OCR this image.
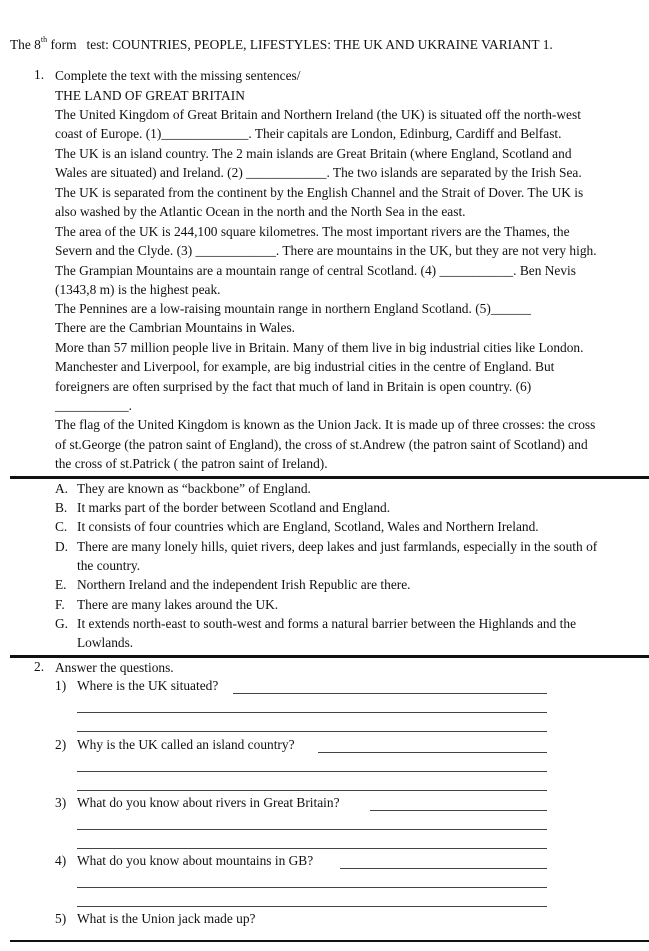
The 8th form test: COUNTRIES, PEOPLE, LIFESTYLES: THE UK AND UKRAINE VARIANT 1.
1. Complete the text with the missing sentences/
THE LAND OF GREAT BRITAIN
The United Kingdom of Great Britain and Northern Ireland (the UK) is situated off the north-west
coast of Europe. (1)_____________. Their capitals are London, Edinburg, Cardiff and Belfast.
The UK is an island country. The 2 main islands are Great Britain (where England, Scotland and
Wales are situated) and Ireland. (2) ____________. The two islands are separated by the Irish Sea.
The UK is separated from the continent by the English Channel and the Strait of Dover. The UK is
also washed by the Atlantic Ocean in the north and the North Sea in the east.
The area of the UK is 244,100 square kilometres. The most important rivers are the Thames, the
Severn and the Clyde. (3) ____________. There are mountains in the UK, but they are not very high.
The Grampian Mountains are a mountain range of central Scotland. (4) ___________. Ben Nevis
(1343,8 m) is the highest peak.
The Pennines are a low-raising mountain range in northern England Scotland. (5)______
There are the Cambrian Mountains in Wales.
More than 57 million people live in Britain. Many of them live in big industrial cities like London.
Manchester and Liverpool, for example, are big industrial cities in the centre of England. But
foreigners are often surprised by the fact that much of land in Britain is open country. (6)
___________.
The flag of the United Kingdom is known as the Union Jack. It is made up of three crosses: the cross
of st.George (the patron saint of England), the cross of st.Andrew (the patron saint of Scotland) and
the cross of st.Patrick ( the patron saint of Ireland).
A. They are known as “backbone” of England.
B. It marks part of the border between Scotland and England.
C. It consists of four countries which are England, Scotland, Wales and Northern Ireland.
D. There are many lonely hills, quiet rivers, deep lakes and just farmlands, especially in the south of
the country.
E. Northern Ireland and the independent Irish Republic are there.
F. There are many lakes around the UK.
G. It extends north-east to south-west and forms a natural barrier between the Highlands and the
Lowlands.
2. Answer the questions.
1) Where is the UK situated?
2) Why is the UK called an island country?
3) What do you know about rivers in Great Britain?
4) What do you know about mountains in GB?
5) What is the Union jack made up?
